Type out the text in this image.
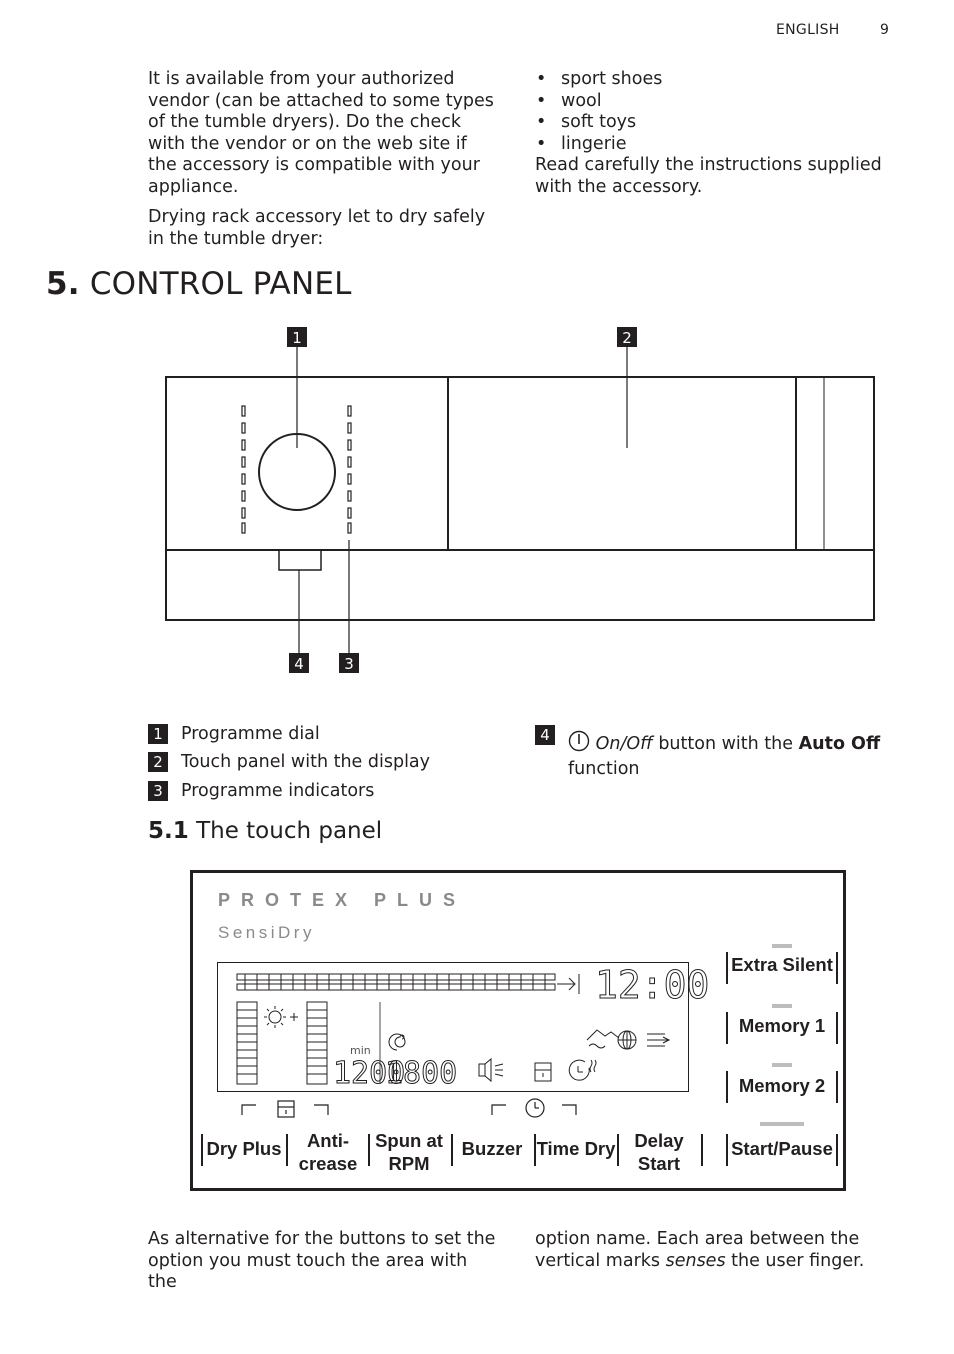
ENGLISH	9

It is available from your authorized vendor (can be attached to some types of the tumble dryers). Do the check with the vendor or on the web site if the accessory is compatible with your appliance.

Drying rack accessory let to dry safely in the tumble dryer:

• sport shoes
• wool
• soft toys
• lingerie
Read carefully the instructions supplied with the accessory.
5. CONTROL PANEL
1	2
4	3
1 Programme dial
2 Touch panel with the display
3 Programme indicators
4	On/Off button with the Auto Off
function
5.1 The touch panel
PROTEX PLUS
SensiDry
12:00
min
1200
1800
Extra Silent
Memory 1
Memory 2
Dry Plus	Anti-
crease
Spun at
RPM
Buzzer Time Dry	Delay
Start
Start/Pause
As alternative for the buttons to set the option you must touch the area with the
option name. Each area between the vertical marks senses the user finger.
